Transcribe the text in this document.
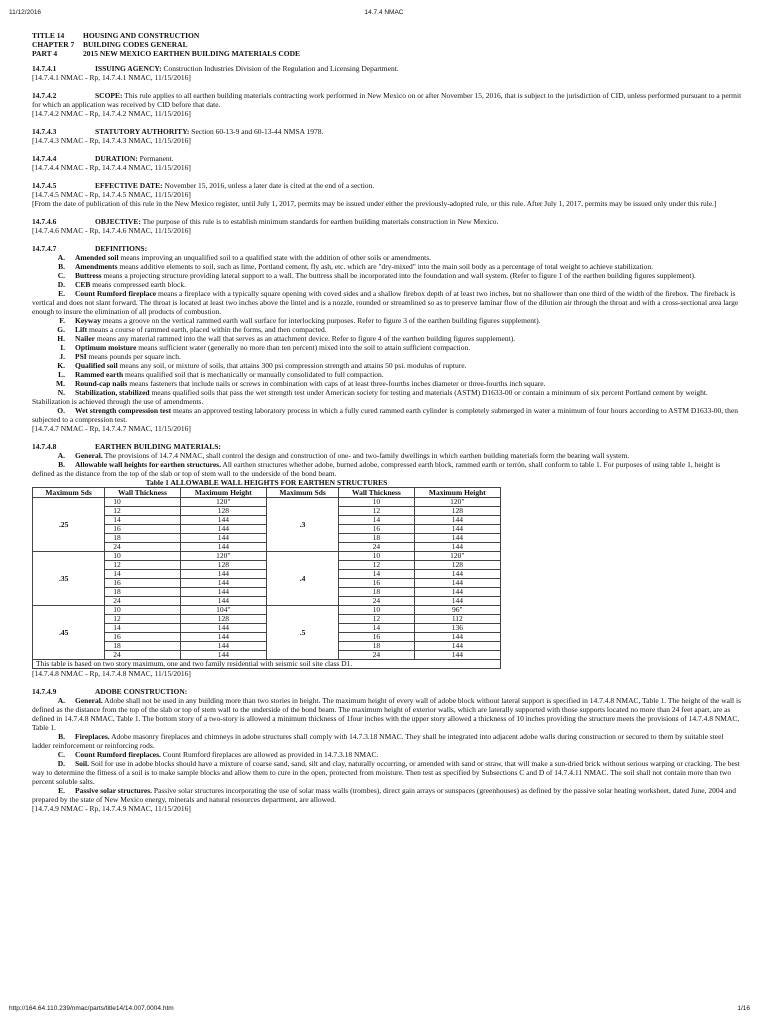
11/12/2016	14.7.4 NMAC
TITLE 14 HOUSING AND CONSTRUCTION
CHAPTER 7 BUILDING CODES GENERAL
PART 4	2015 NEW MEXICO EARTHEN BUILDING MATERIALS CODE

14.7.4.1	ISSUING AGENCY: Construction Industries Division of the Regulation and Licensing Department.

[14.7.4.1 NMAC - Rp, 14.7.4.1 NMAC, 11/15/2016]

14.7.4.2	SCOPE: This rule applies to all earthen building materials contracting work performed in New Mexico on or after November 15, 2016, that is subject to the jurisdiction of CID, unless performed pursuant to a permit for which an application was received by CID before that date.

[14.7.4.2 NMAC - Rp, 14.7.4.2 NMAC, 11/15/2016]

14.7.4.3	STATUTORY AUTHORITY: Section 60-13-9 and 60-13-44 NMSA 1978.

[14.7.4.3 NMAC - Rp, 14.7.4.3 NMAC, 11/15/2016]

14.7.4.4	DURATION: Permanent.

[14.7.4.4 NMAC - Rp, 14.7.4.4 NMAC, 11/15/2016]

14.7.4.5	EFFECTIVE DATE: November 15, 2016, unless a later date is cited at the end of a section.

[14.7.4.5 NMAC - Rp, 14.7.4.5 NMAC, 11/15/2016]

[From the date of publication of this rule in the New Mexico register, until July 1, 2017, permits may be issued under either the previously-adopted rule, or this rule. After July 1, 2017, permits may be issued only under this rule.]

14.7.4.6	OBJECTIVE: The purpose of this rule is to establish minimum standards for earthen building materials construction in New Mexico.

[14.7.4.6 NMAC - Rp, 14.7.4.6 NMAC, 11/15/2016]

14.7.4.7	DEFINITIONS:

A. Amended soil means improving an unqualified soil to a qualified state with the addition of other soils or amendments.

B. Amendments means additive elements to soil, such as lime, Portland cement, fly ash, etc. which are "dry-mixed" into the main soil body as a percentage of total weight to achieve stabilization.

C. Buttress means a projecting structure providing lateral support to a wall. The buttress shall be incorporated into the foundation and wall system. (Refer to figure 1 of the earthen building figures supplement).

D. CEB means compressed earth block.

E. Count Rumford fireplace means a fireplace with a typically square opening with coved sides and a shallow firebox depth of at least two inches, but no shallower than one third of the width of the firebox. The fireback is vertical and does not slant forward. The throat is located at least two inches above the lintel and is a nozzle, rounded or streamlined so as to preserve laminar flow of the dilution air through the throat and with a cross-sectional area large enough to insure the elimination of all products of combustion.

F. Keyway means a groove on the vertical rammed earth wall surface for interlocking purposes. Refer to figure 3 of the earthen building figures supplement).

G. Lift means a course of rammed earth, placed within the forms, and then compacted.

H. Nailer means any material rammed into the wall that serves as an attachment device. Refer to figure 4 of the earthen building figures supplement).

I. Optimum moisture means sufficient water (generally no more than ten percent) mixed into the soil to attain sufficient compaction.

J. PSI means pounds per square inch.

K. Qualified soil means any soil, or mixture of soils, that attains 300 psi compression strength and attains 50 psi. modulus of rupture.

L. Rammed earth means qualified soil that is mechanically or manually consolidated to full compaction.

M. Round-cap nails means fasteners that include nails or screws in combination with caps of at least three-fourths inches diameter or three-fourths inch square.

N. Stabilization, stabilized means qualified soils that pass the wet strength test under American society for testing and materials (ASTM) D1633-00 or contain a minimum of six percent Portland cement by weight. Stabilization is achieved through the use of amendments.

O. Wet strength compression test means an approved testing laboratory process in which a fully cured rammed earth cylinder is completely submerged in water a minimum of four hours according to ASTM D1633-00, then subjected to a compression test.

[14.7.4.7 NMAC - Rp, 14.7.4.7 NMAC, 11/15/2016]

14.7.4.8	EARTHEN BUILDING MATERIALS:

A. General. The provisions of 14.7.4 NMAC, shall control the design and construction of one- and two-family dwellings in which earthen building materials form the bearing wall system.

B. Allowable wall heights for earthen structures. All earthen structures whether adobe, burned adobe, compressed earth block, rammed earth or terrón, shall conform to table 1. For purposes of using table 1, height is defined as the distance from the top of the slab or top of stem wall to the underside of the bond beam.

Table 1 ALLOWABLE WALL HEIGHTS FOR EARTHEN STRUCTURES
Maximum Sds	Wall Thickness	Maximum Height	Maximum Sds	Wall Thickness	Maximum Height
.25	10	120"	.3	10	120"
	12	128		12	128
	14	144		14	144
	16	144		16	144
	18	144		18	144
	24	144		24	144
.35	10	120"	.4	10	120"
	12	128		12	128
	14	144		14	144
	16	144		16	144
	18	144		18	144
	24	144		24	144
.45	10	104"	.5	10	96"
	12	128		12	112
	14	144		14	136
	16	144		16	144
	18	144		18	144
	24	144		24	144
This table is based on two story maximum, one and two family residential with seismic soil site class D1.					

[14.7.4.8 NMAC - Rp, 14.7.4.8 NMAC, 11/15/2016]

14.7.4.9	ADOBE CONSTRUCTION:

A. General. Adobe shall not be used in any building more than two stories in height. The maximum height of every wall of adobe block without lateral support is specified in 14.7.4.8 NMAC, Table 1. The height of the wall is defined as the distance from the top of the slab or top of stem wall to the underside of the bond beam. The maximum height of exterior walls, which are laterally supported with those supports located no more than 24 feet apart, are as defined in 14.7.4.8 NMAC, Table 1. The bottom story of a two-story is allowed a minimum thickness of 1four inches with the upper story allowed a thickness of 10 inches providing the structure meets the provisions of 14.7.4.8 NMAC, Table 1.

B. Fireplaces. Adobe masonry fireplaces and chimneys in adobe structures shall comply with 14.7.3.18 NMAC. They shall be integrated into adjacent adobe walls during construction or secured to them by suitable steel ladder reinforcement or reinforcing rods.

C. Count Rumford fireplaces. Count Rumford fireplaces are allowed as provided in 14.7.3.18 NMAC.

D. Soil. Soil for use in adobe blocks should have a mixture of coarse sand, sand, silt and clay, naturally occurring, or amended with sand or straw, that will make a sun-dried brick without serious warping or cracking. The best way to determine the fitness of a soil is to make sample blocks and allow them to cure in the open, protected from moisture. Then test as specified by Subsections C and D of 14.7.4.11 NMAC. The soil shall not contain more than two percent soluble salts.

E. Passive solar structures. Passive solar structures incorporating the use of solar mass walls (trombes), direct gain arrays or sunspaces (greenhouses) as defined by the passive solar heating worksheet, dated June, 2004 and prepared by the state of New Mexico energy, minerals and natural resources department, are allowed.

[14.7.4.9 NMAC - Rp, 14.7.4.9 NMAC, 11/15/2016]

http://164.64.110.239/nmac/parts/title14/14.007.0004.htm	1/16
